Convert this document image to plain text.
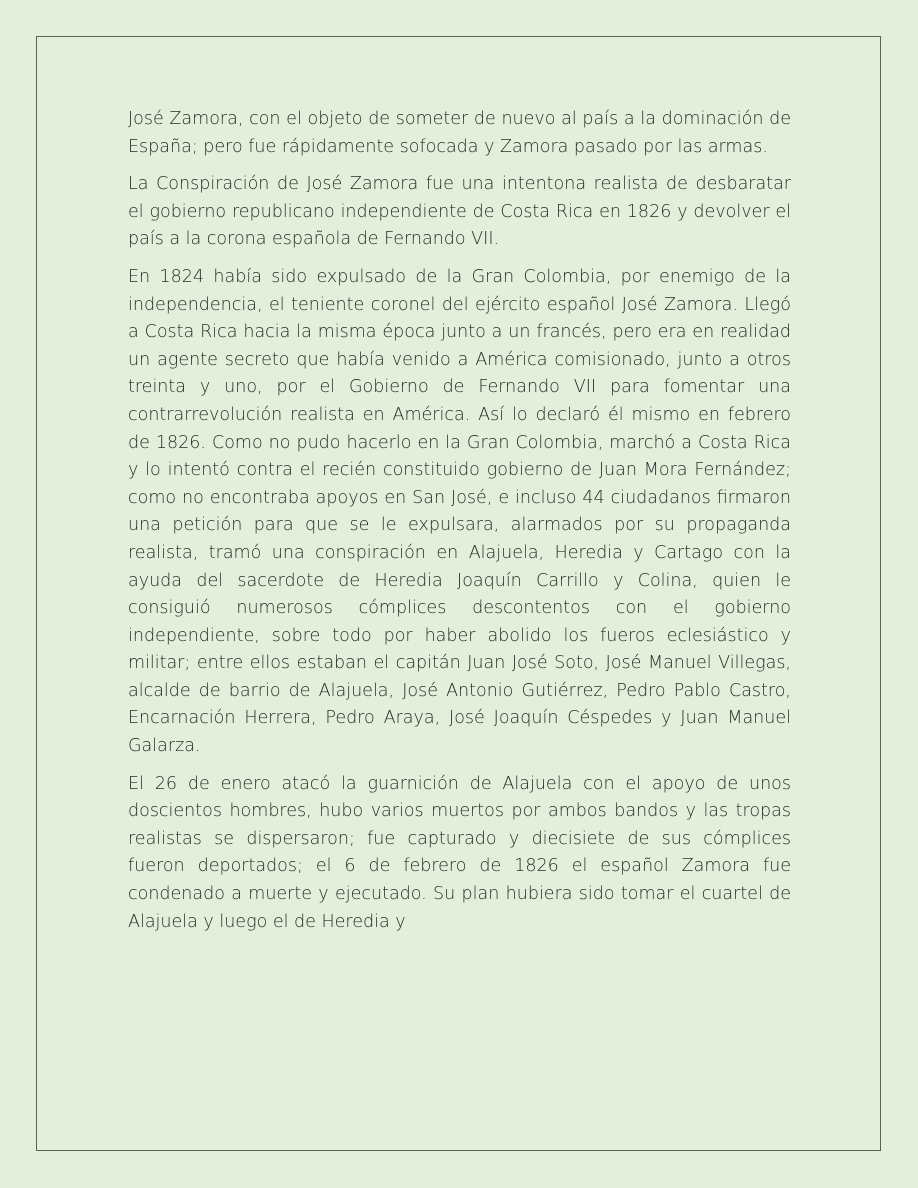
José Zamora, con el objeto de someter de nuevo al país a la dominación de España; pero fue rápidamente sofocada y Zamora pasado por las armas.

La Conspiración de José Zamora fue una intentona realista de desbaratar el gobierno republicano independiente de Costa Rica en 1826 y devolver el país a la corona española de Fernando VII.

En 1824 había sido expulsado de la Gran Colombia, por enemigo de la independencia, el teniente coronel del ejército español José Zamora. Llegó a Costa Rica hacia la misma época junto a un francés, pero era en realidad un agente secreto que había venido a América comisionado, junto a otros treinta y uno, por el Gobierno de Fernando VII para fomentar una contrarrevolución realista en América. Así lo declaró él mismo en febrero de 1826. Como no pudo hacerlo en la Gran Colombia, marchó a Costa Rica y lo intentó contra el recién constituido gobierno de Juan Mora Fernández; como no encontraba apoyos en San José, e incluso 44 ciudadanos firmaron una petición para que se le expulsara, alarmados por su propaganda realista, tramó una conspiración en Alajuela, Heredia y Cartago con la ayuda del sacerdote de Heredia Joaquín Carrillo y Colina, quien le consiguió numerosos cómplices descontentos con el gobierno independiente, sobre todo por haber abolido los fueros eclesiástico y militar; entre ellos estaban el capitán Juan José Soto, José Manuel Villegas, alcalde de barrio de Alajuela, José Antonio Gutiérrez, Pedro Pablo Castro, Encarnación Herrera, Pedro Araya, José Joaquín Céspedes y Juan Manuel Galarza.

El 26 de enero atacó la guarnición de Alajuela con el apoyo de unos doscientos hombres, hubo varios muertos por ambos bandos y las tropas realistas se dispersaron; fue capturado y diecisiete de sus cómplices fueron deportados; el 6 de febrero de 1826 el español Zamora fue condenado a muerte y ejecutado. Su plan hubiera sido tomar el cuartel de Alajuela y luego el de Heredia y
